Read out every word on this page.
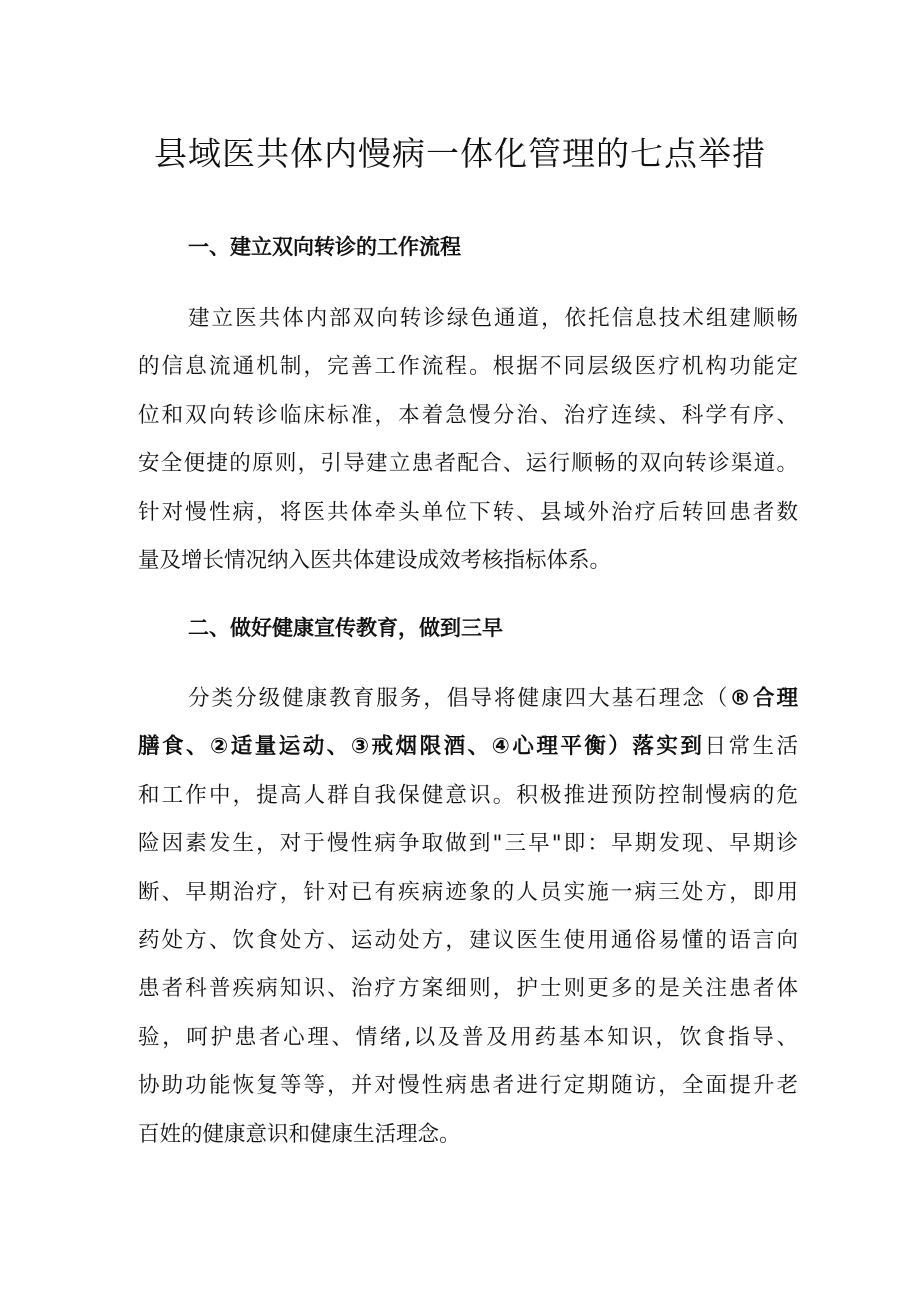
县域医共体内慢病一体化管理的七点举措
一、建立双向转诊的工作流程
建立医共体内部双向转诊绿色通道，依托信息技术组建顺畅
的信息流通机制，完善工作流程。根据不同层级医疗机构功能定
位和双向转诊临床标准，本着急慢分治、治疗连续、科学有序、
安全便捷的原则，引导建立患者配合、运行顺畅的双向转诊渠道。
针对慢性病，将医共体牵头单位下转、县域外治疗后转回患者数
量及增长情况纳入医共体建设成效考核指标体系。
二、做好健康宣传教育，做到三早
分类分级健康教育服务，倡导将健康四大基石理念（®合理
膳食、②适量运动、③戒烟限酒、④心理平衡）落实到日常生活
和工作中，提高人群自我保健意识。积极推进预防控制慢病的危
险因素发生，对于慢性病争取做到"三早"即：早期发现、早期诊
断、早期治疗，针对已有疾病迹象的人员实施一病三处方，即用
药处方、饮食处方、运动处方，建议医生使用通俗易懂的语言向
患者科普疾病知识、治疗方案细则，护士则更多的是关注患者体
验，呵护患者心理、情绪,以及普及用药基本知识，饮食指导、
协助功能恢复等等，并对慢性病患者进行定期随访，全面提升老
百姓的健康意识和健康生活理念。
